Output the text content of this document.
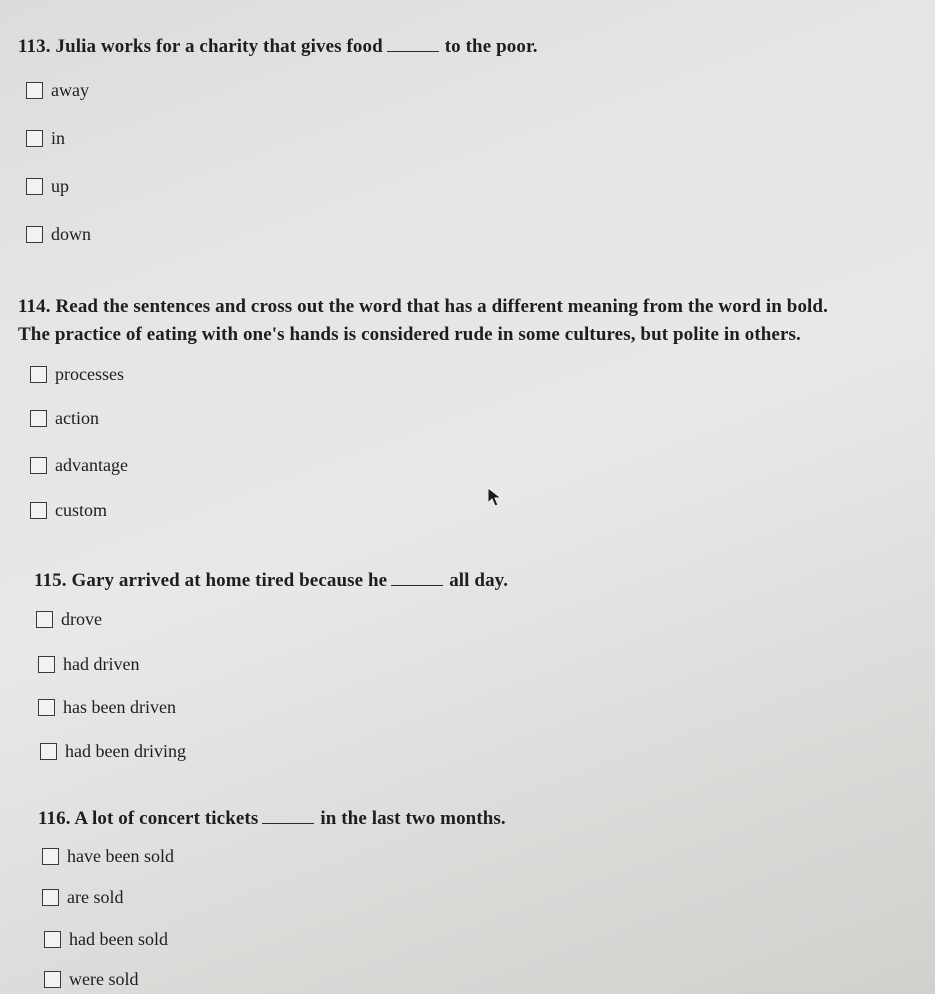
113. Julia works for a charity that gives food	to the poor.
away
in
up
down
114. Read the sentences and cross out the word that has a different meaning from the word in bold.
The practice of eating with one's hands is considered rude in some cultures, but polite in others.
processes
action
advantage
custom
115. Gary arrived at home tired because he	all day.
drove
had driven
has been driven
had been driving
116. A lot of concert tickets	in the last two months.
have been sold
are sold
had been sold
were sold
